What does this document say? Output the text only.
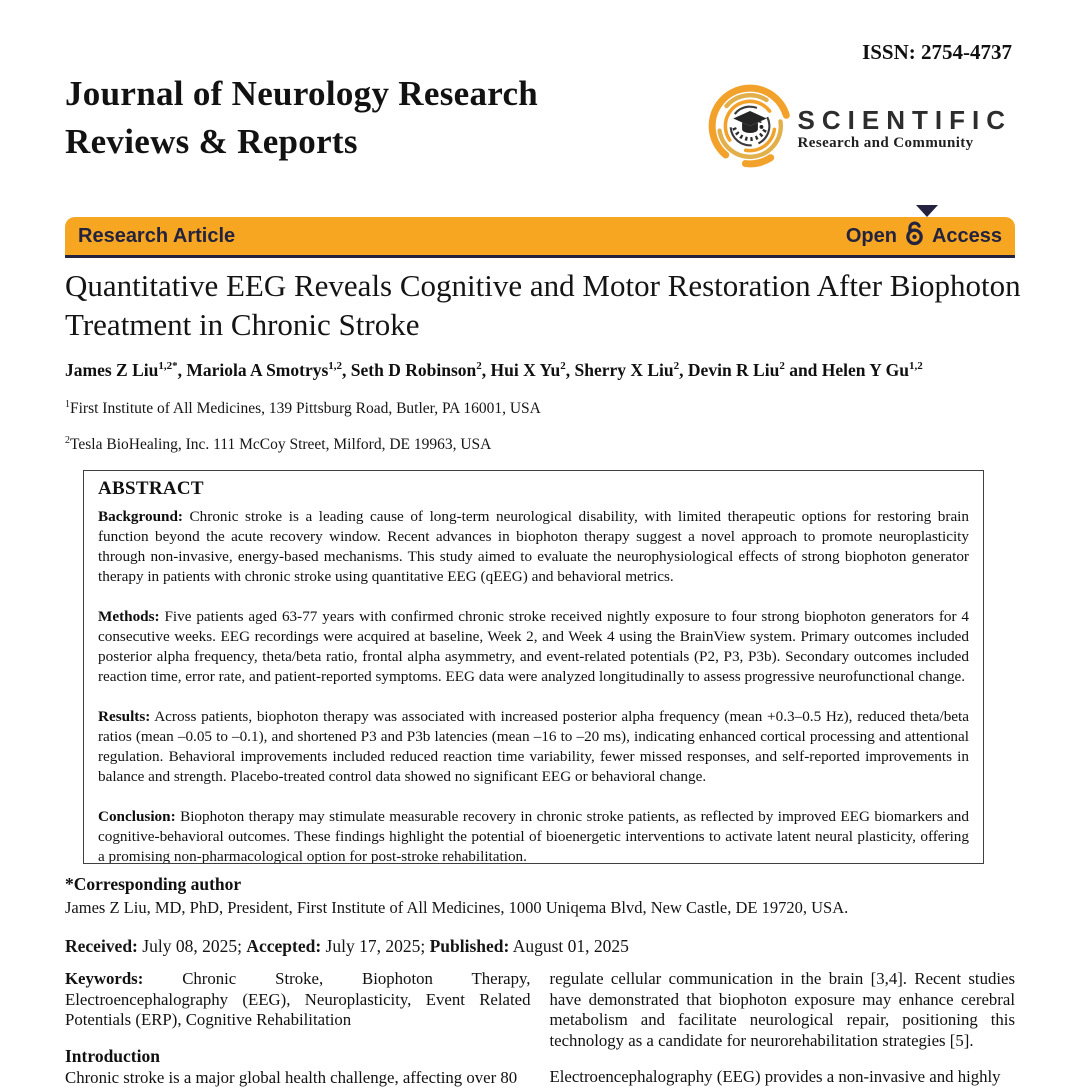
ISSN: 2754-4737
Journal of Neurology Research
Reviews & Reports
SCIENTIFIC
Research and Community
Research Article	Open Access
Quantitative EEG Reveals Cognitive and Motor Restoration After Biophoton Treatment in Chronic Stroke
James Z Liu$^{1,2*}$, Mariola A Smotrys$^{1,2}$, Seth D Robinson$^2$, Hui X Yu$^2$, Sherry X Liu$^2$, Devin R Liu$^2$ and Helen Y Gu$^{1,2}$
$^1$First Institute of All Medicines, 139 Pittsburg Road, Butler, PA 16001, USA
$^2$Tesla BioHealing, Inc. 111 McCoy Street, Milford, DE 19963, USA
ABSTRACT

Background: Chronic stroke is a leading cause of long-term neurological disability, with limited therapeutic options for restoring brain function beyond the acute recovery window. Recent advances in biophoton therapy suggest a novel approach to promote neuroplasticity through non-invasive, energy-based mechanisms. This study aimed to evaluate the neurophysiological effects of strong biophoton generator therapy in patients with chronic stroke using quantitative EEG (qEEG) and behavioral metrics.

Methods: Five patients aged 63-77 years with confirmed chronic stroke received nightly exposure to four strong biophoton generators for 4 consecutive weeks. EEG recordings were acquired at baseline, Week 2, and Week 4 using the BrainView system. Primary outcomes included posterior alpha frequency, theta/beta ratio, frontal alpha asymmetry, and event-related potentials (P2, P3, P3b). Secondary outcomes included reaction time, error rate, and patient-reported symptoms. EEG data were analyzed longitudinally to assess progressive neurofunctional change.

Results: Across patients, biophoton therapy was associated with increased posterior alpha frequency (mean +0.3–0.5 Hz), reduced theta/beta ratios (mean –0.05 to –0.1), and shortened P3 and P3b latencies (mean –16 to –20 ms), indicating enhanced cortical processing and attentional regulation. Behavioral improvements included reduced reaction time variability, fewer missed responses, and self-reported improvements in balance and strength. Placebo-treated control data showed no significant EEG or behavioral change.

Conclusion: Biophoton therapy may stimulate measurable recovery in chronic stroke patients, as reflected by improved EEG biomarkers and cognitive-behavioral outcomes. These findings highlight the potential of bioenergetic interventions to activate latent neural plasticity, offering a promising non-pharmacological option for post-stroke rehabilitation.

*Corresponding author
James Z Liu, MD, PhD, President, First Institute of All Medicines, 1000 Uniqema Blvd, New Castle, DE 19720, USA.
Received: July 08, 2025; Accepted: July 17, 2025; Published: August 01, 2025

Keywords: Chronic Stroke, Biophoton Therapy, Electroencephalography (EEG), Neuroplasticity, Event Related Potentials (ERP), Cognitive Rehabilitation

Introduction

Chronic stroke is a major global health challenge, affecting over 80

regulate cellular communication in the brain [3,4]. Recent studies have demonstrated that biophoton exposure may enhance cerebral metabolism and facilitate neurological repair, positioning this technology as a candidate for neurorehabilitation strategies [5].

Electroencephalography (EEG) provides a non-invasive and highly
